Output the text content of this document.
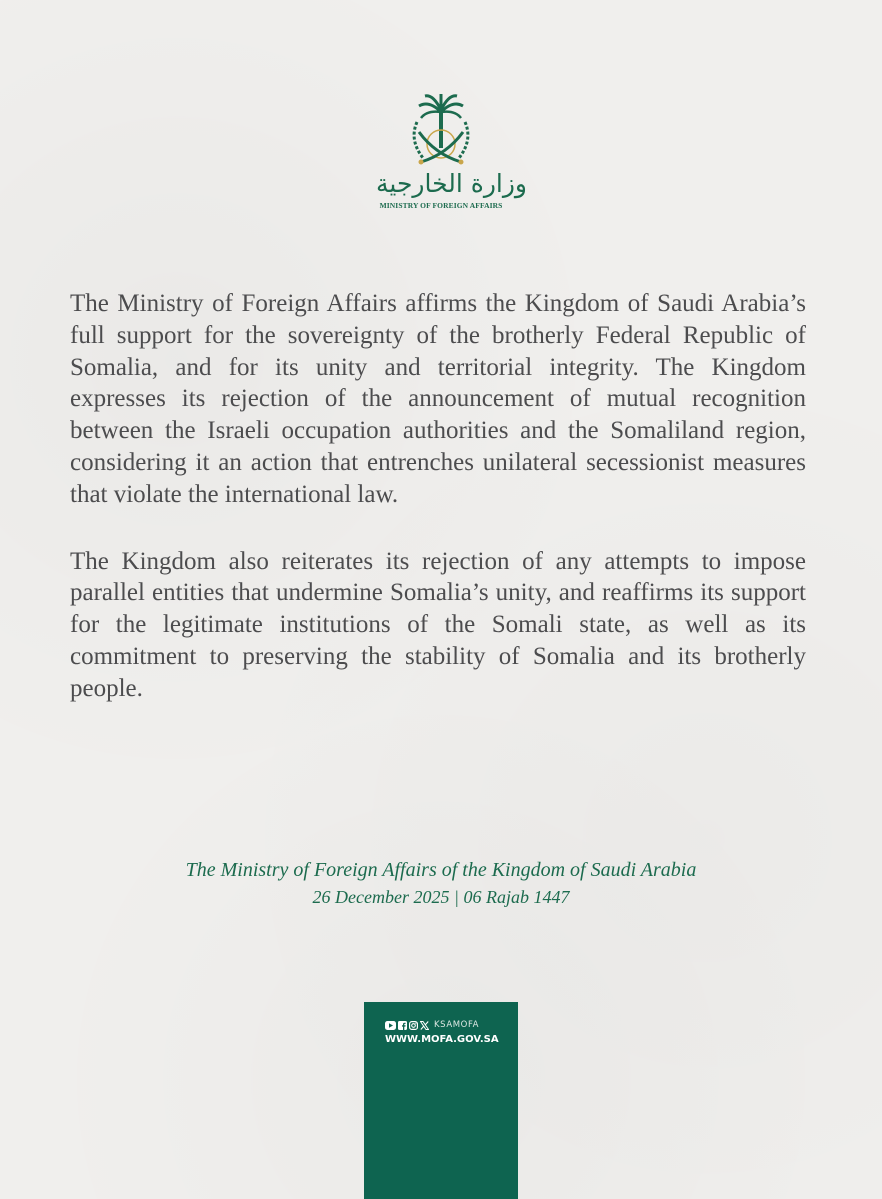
وزارة الخارجية
MINISTRY OF FOREIGN AFFAIRS

The Ministry of Foreign Affairs affirms the Kingdom of Saudi Arabia’s full support for the sovereignty of the brotherly Federal Republic of Somalia, and for its unity and territorial integrity. The Kingdom expresses its rejection of the announcement of mutual recognition between the Israeli occupation authorities and the Somaliland region, considering it an action that entrenches unilateral secessionist measures that violate the international law.

The Kingdom also reiterates its rejection of any attempts to impose parallel entities that undermine Somalia’s unity, and reaffirms its support for the legitimate institutions of the Somali state, as well as its commitment to preserving the stability of Somalia and its brotherly people.

The Ministry of Foreign Affairs of the Kingdom of Saudi Arabia
26 December 2025 | 06 Rajab 1447
KSAMOFA
WWW.MOFA.GOV.SA
